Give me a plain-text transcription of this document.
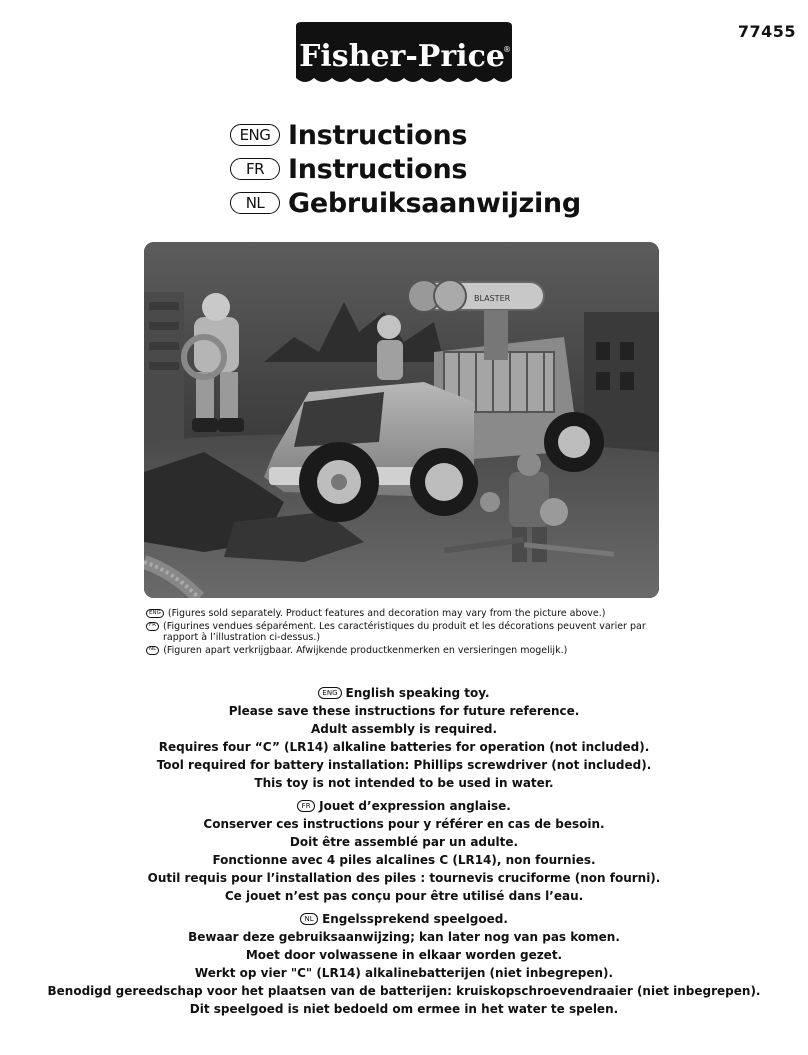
77455
Fisher-Price
®
ENG Instructions
FR Instructions
NL Gebruiksaanwijzing
BLASTER
ENG (Figures sold separately. Product features and decoration may vary from the picture above.)
FR (Figurines vendues séparément. Les caractéristiques du produit et les décorations peuvent varier par rapport à l’illustration ci-dessus.)
NL (Figuren apart verkrijgbaar. Afwijkende productkenmerken en versieringen mogelijk.)
ENG English speaking toy.
Please save these instructions for future reference.
Adult assembly is required.
Requires four “C” (LR14) alkaline batteries for operation (not included).
Tool required for battery installation: Phillips screwdriver (not included).
This toy is not intended to be used in water.
FR Jouet d’expression anglaise.
Conserver ces instructions pour y référer en cas de besoin.
Doit être assemblé par un adulte.
Fonctionne avec 4 piles alcalines C (LR14), non fournies.
Outil requis pour l’installation des piles : tournevis cruciforme (non fourni).
Ce jouet n’est pas conçu pour être utilisé dans l’eau.
NL Engelssprekend speelgoed.
Bewaar deze gebruiksaanwijzing; kan later nog van pas komen.
Moet door volwassene in elkaar worden gezet.
Werkt op vier "C" (LR14) alkalinebatterijen (niet inbegrepen).
Benodigd gereedschap voor het plaatsen van de batterijen: kruiskopschroevendraaier (niet inbegrepen).
Dit speelgoed is niet bedoeld om ermee in het water te spelen.
